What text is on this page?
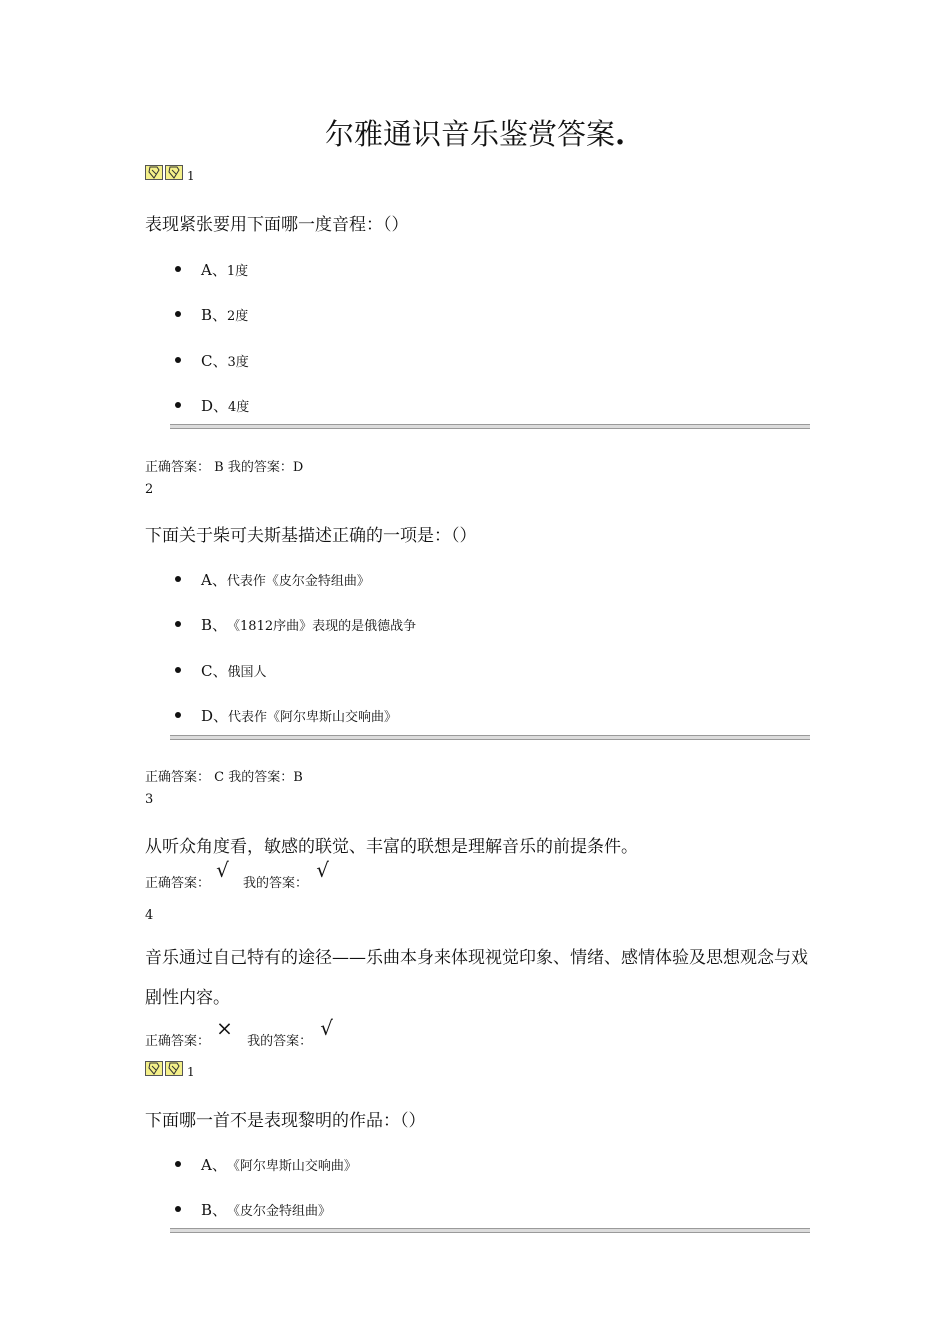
尔雅通识音乐鉴赏答案.
1
表现紧张要用下面哪一度音程：（）
A、 1度
B、 2度
C、 3度
D、 4度
正确答案： B 我的答案：D
2
下面关于柴可夫斯基描述正确的一项是：（）
A、 代表作《皮尔金特组曲》
B、 《1812序曲》表现的是俄德战争
C、 俄国人
D、 代表作《阿尔卑斯山交响曲》
正确答案： C 我的答案：B
3
从听众角度看，敏感的联觉、丰富的联想是理解音乐的前提条件。
正确答案： √ 我的答案： √
4
音乐通过自己特有的途径——乐曲本身来体现视觉印象、情绪、感情体验及思想观念与戏剧性内容。
正确答案： × 我的答案： √
1
下面哪一首不是表现黎明的作品：（）
A、 《阿尔卑斯山交响曲》
B、 《皮尔金特组曲》
